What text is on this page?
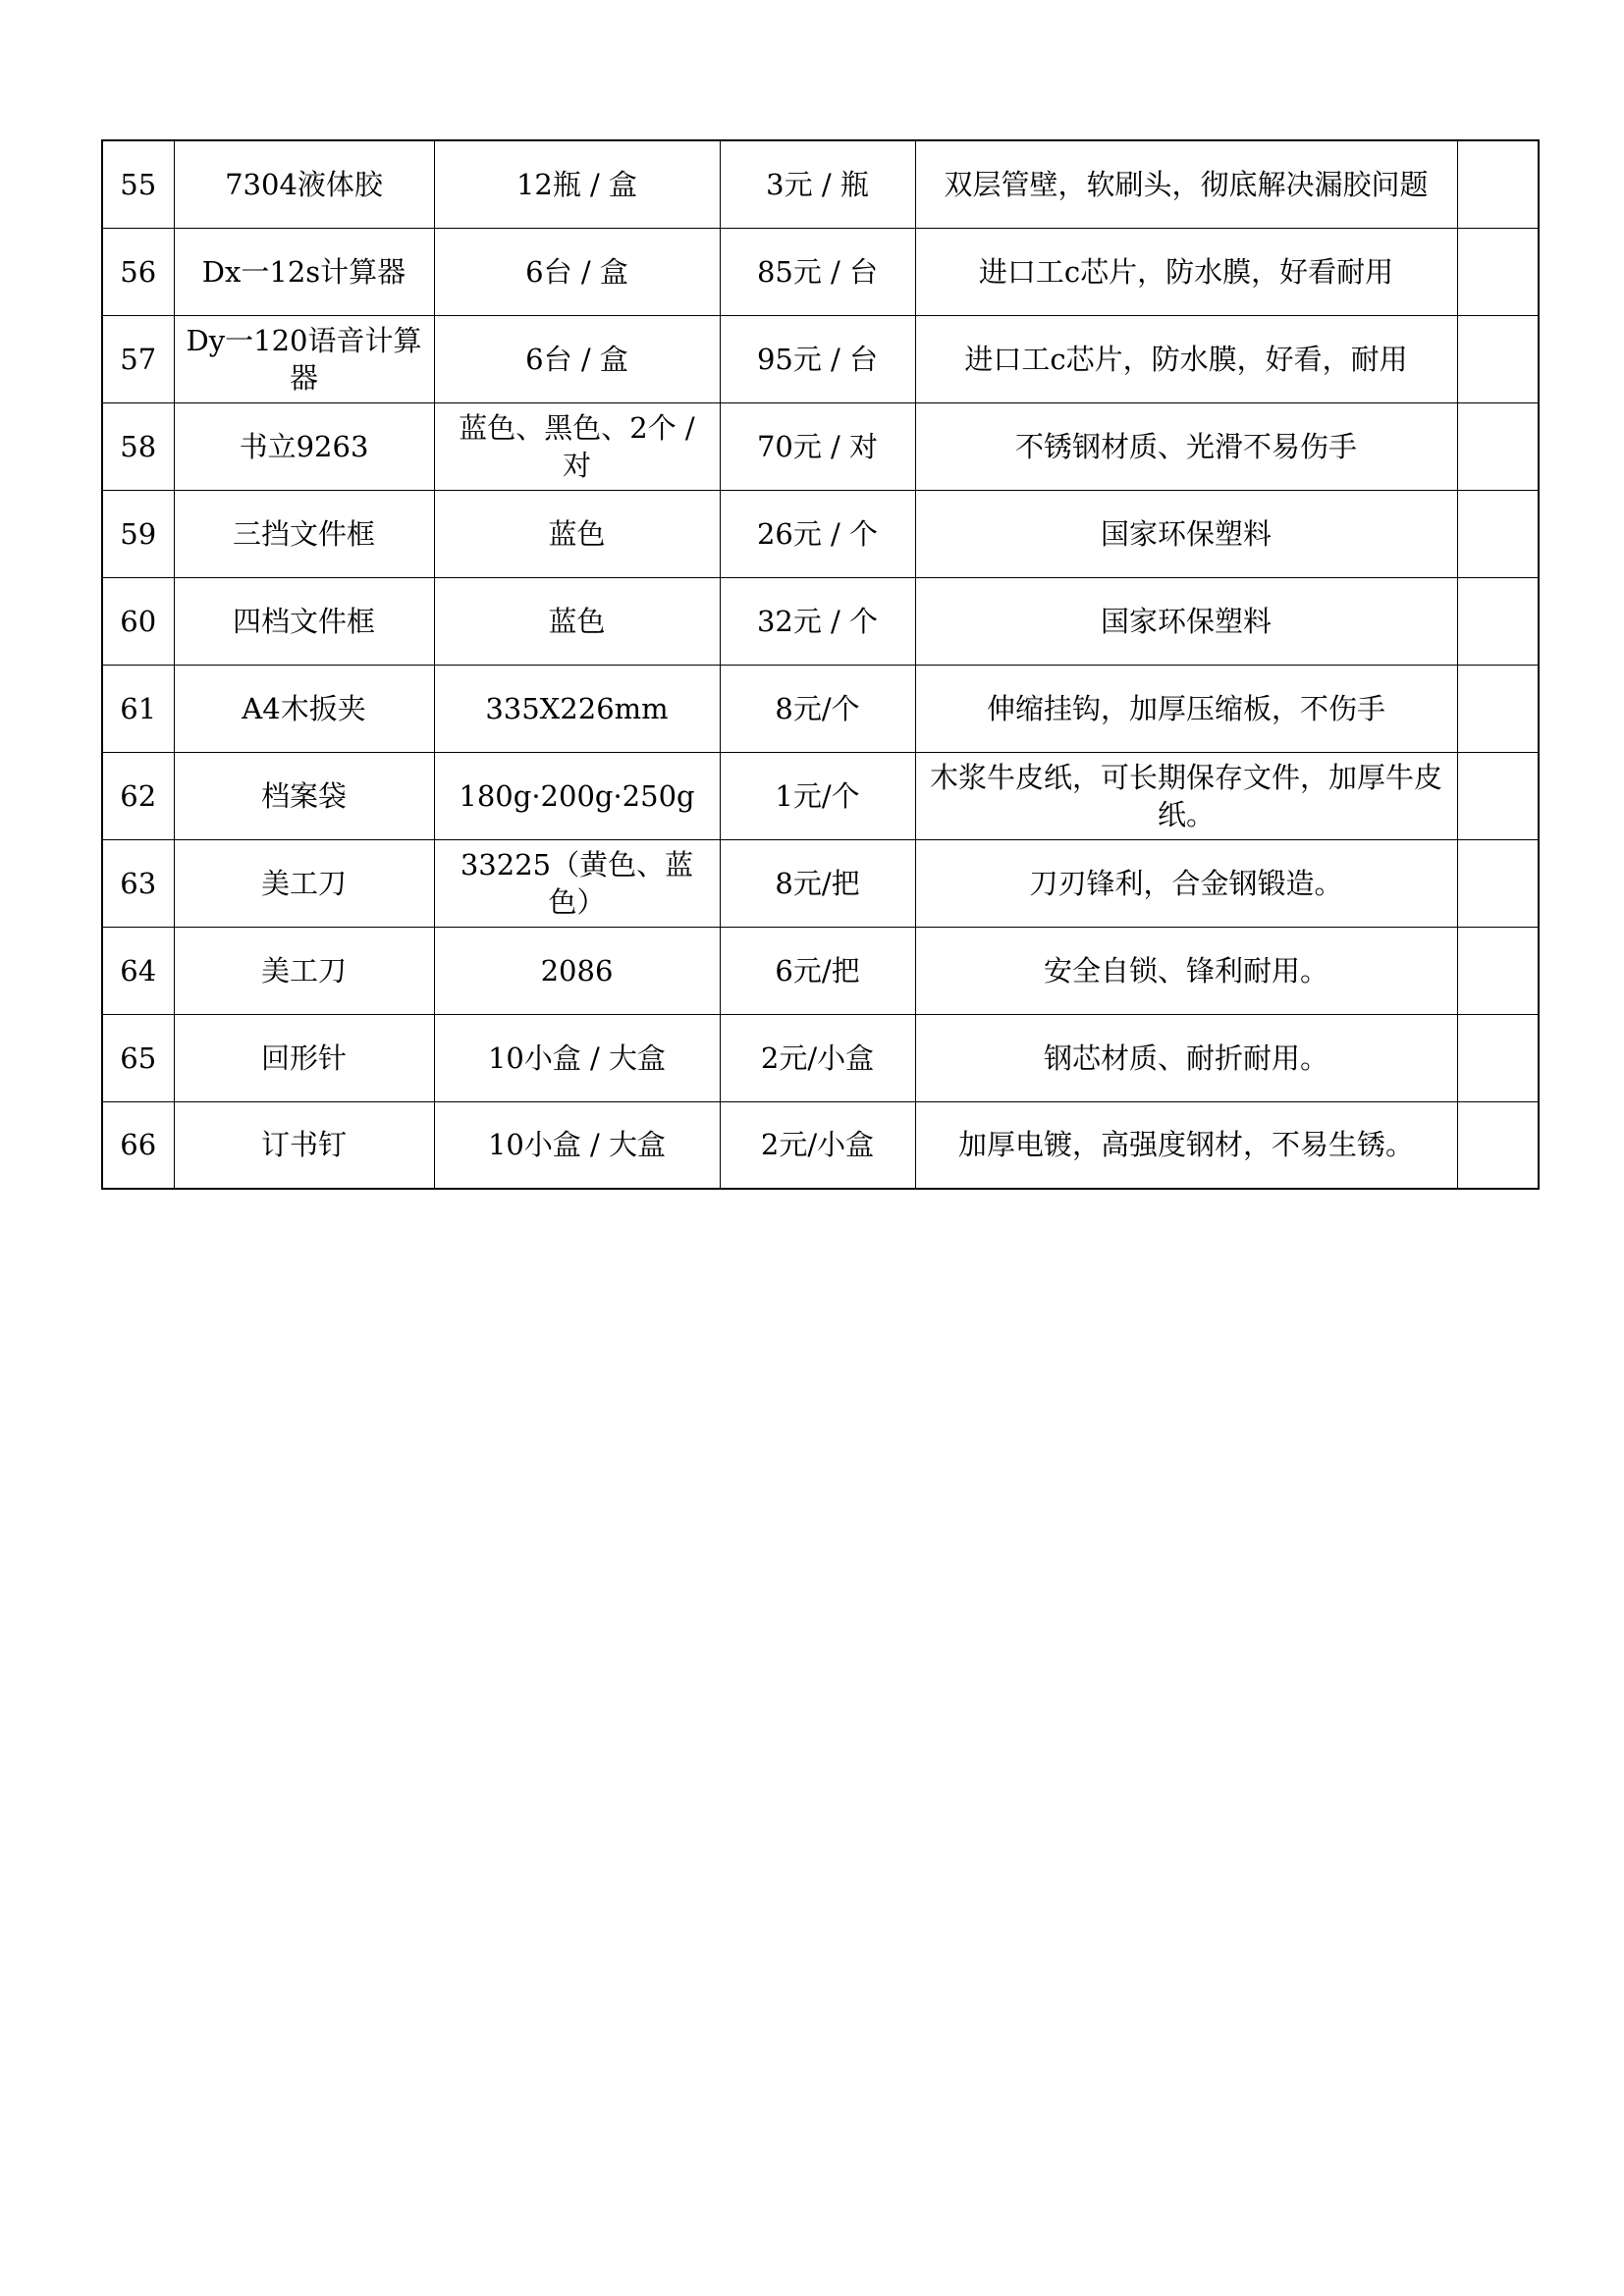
55	7304液体胶	12瓶 / 盒	3元 / 瓶	双层管壁，软刷头，彻底解决漏胶问题	
56	Dx一12s计算器	6台 / 盒	85元 / 台	进口工c芯片，防水膜，好看耐用	
57	Dy一120语音计算器	6台 / 盒	95元 / 台	进口工c芯片，防水膜，好看，耐用	
58	书立9263	蓝色、黑色、2个 / 对	70元 / 对	不锈钢材质、光滑不易伤手	
59	三挡文件框	蓝色	26元 / 个	国家环保塑料	
60	四档文件框	蓝色	32元 / 个	国家环保塑料	
61	A4木扳夹	335X226mm	8元/个	伸缩挂钩，加厚压缩板，不伤手	
62	档案袋	180g·200g·250g	1元/个	木浆牛皮纸，可长期保存文件，加厚牛皮纸。	
63	美工刀	33225（黄色、蓝色）	8元/把	刀刃锋利，合金钢锻造。	
64	美工刀	2086	6元/把	安全自锁、锋利耐用。	
65	回形针	10小盒 / 大盒	2元/小盒	钢芯材质、耐折耐用。	
66	订书钉	10小盒 / 大盒	2元/小盒	加厚电镀，高强度钢材，不易生锈。	
